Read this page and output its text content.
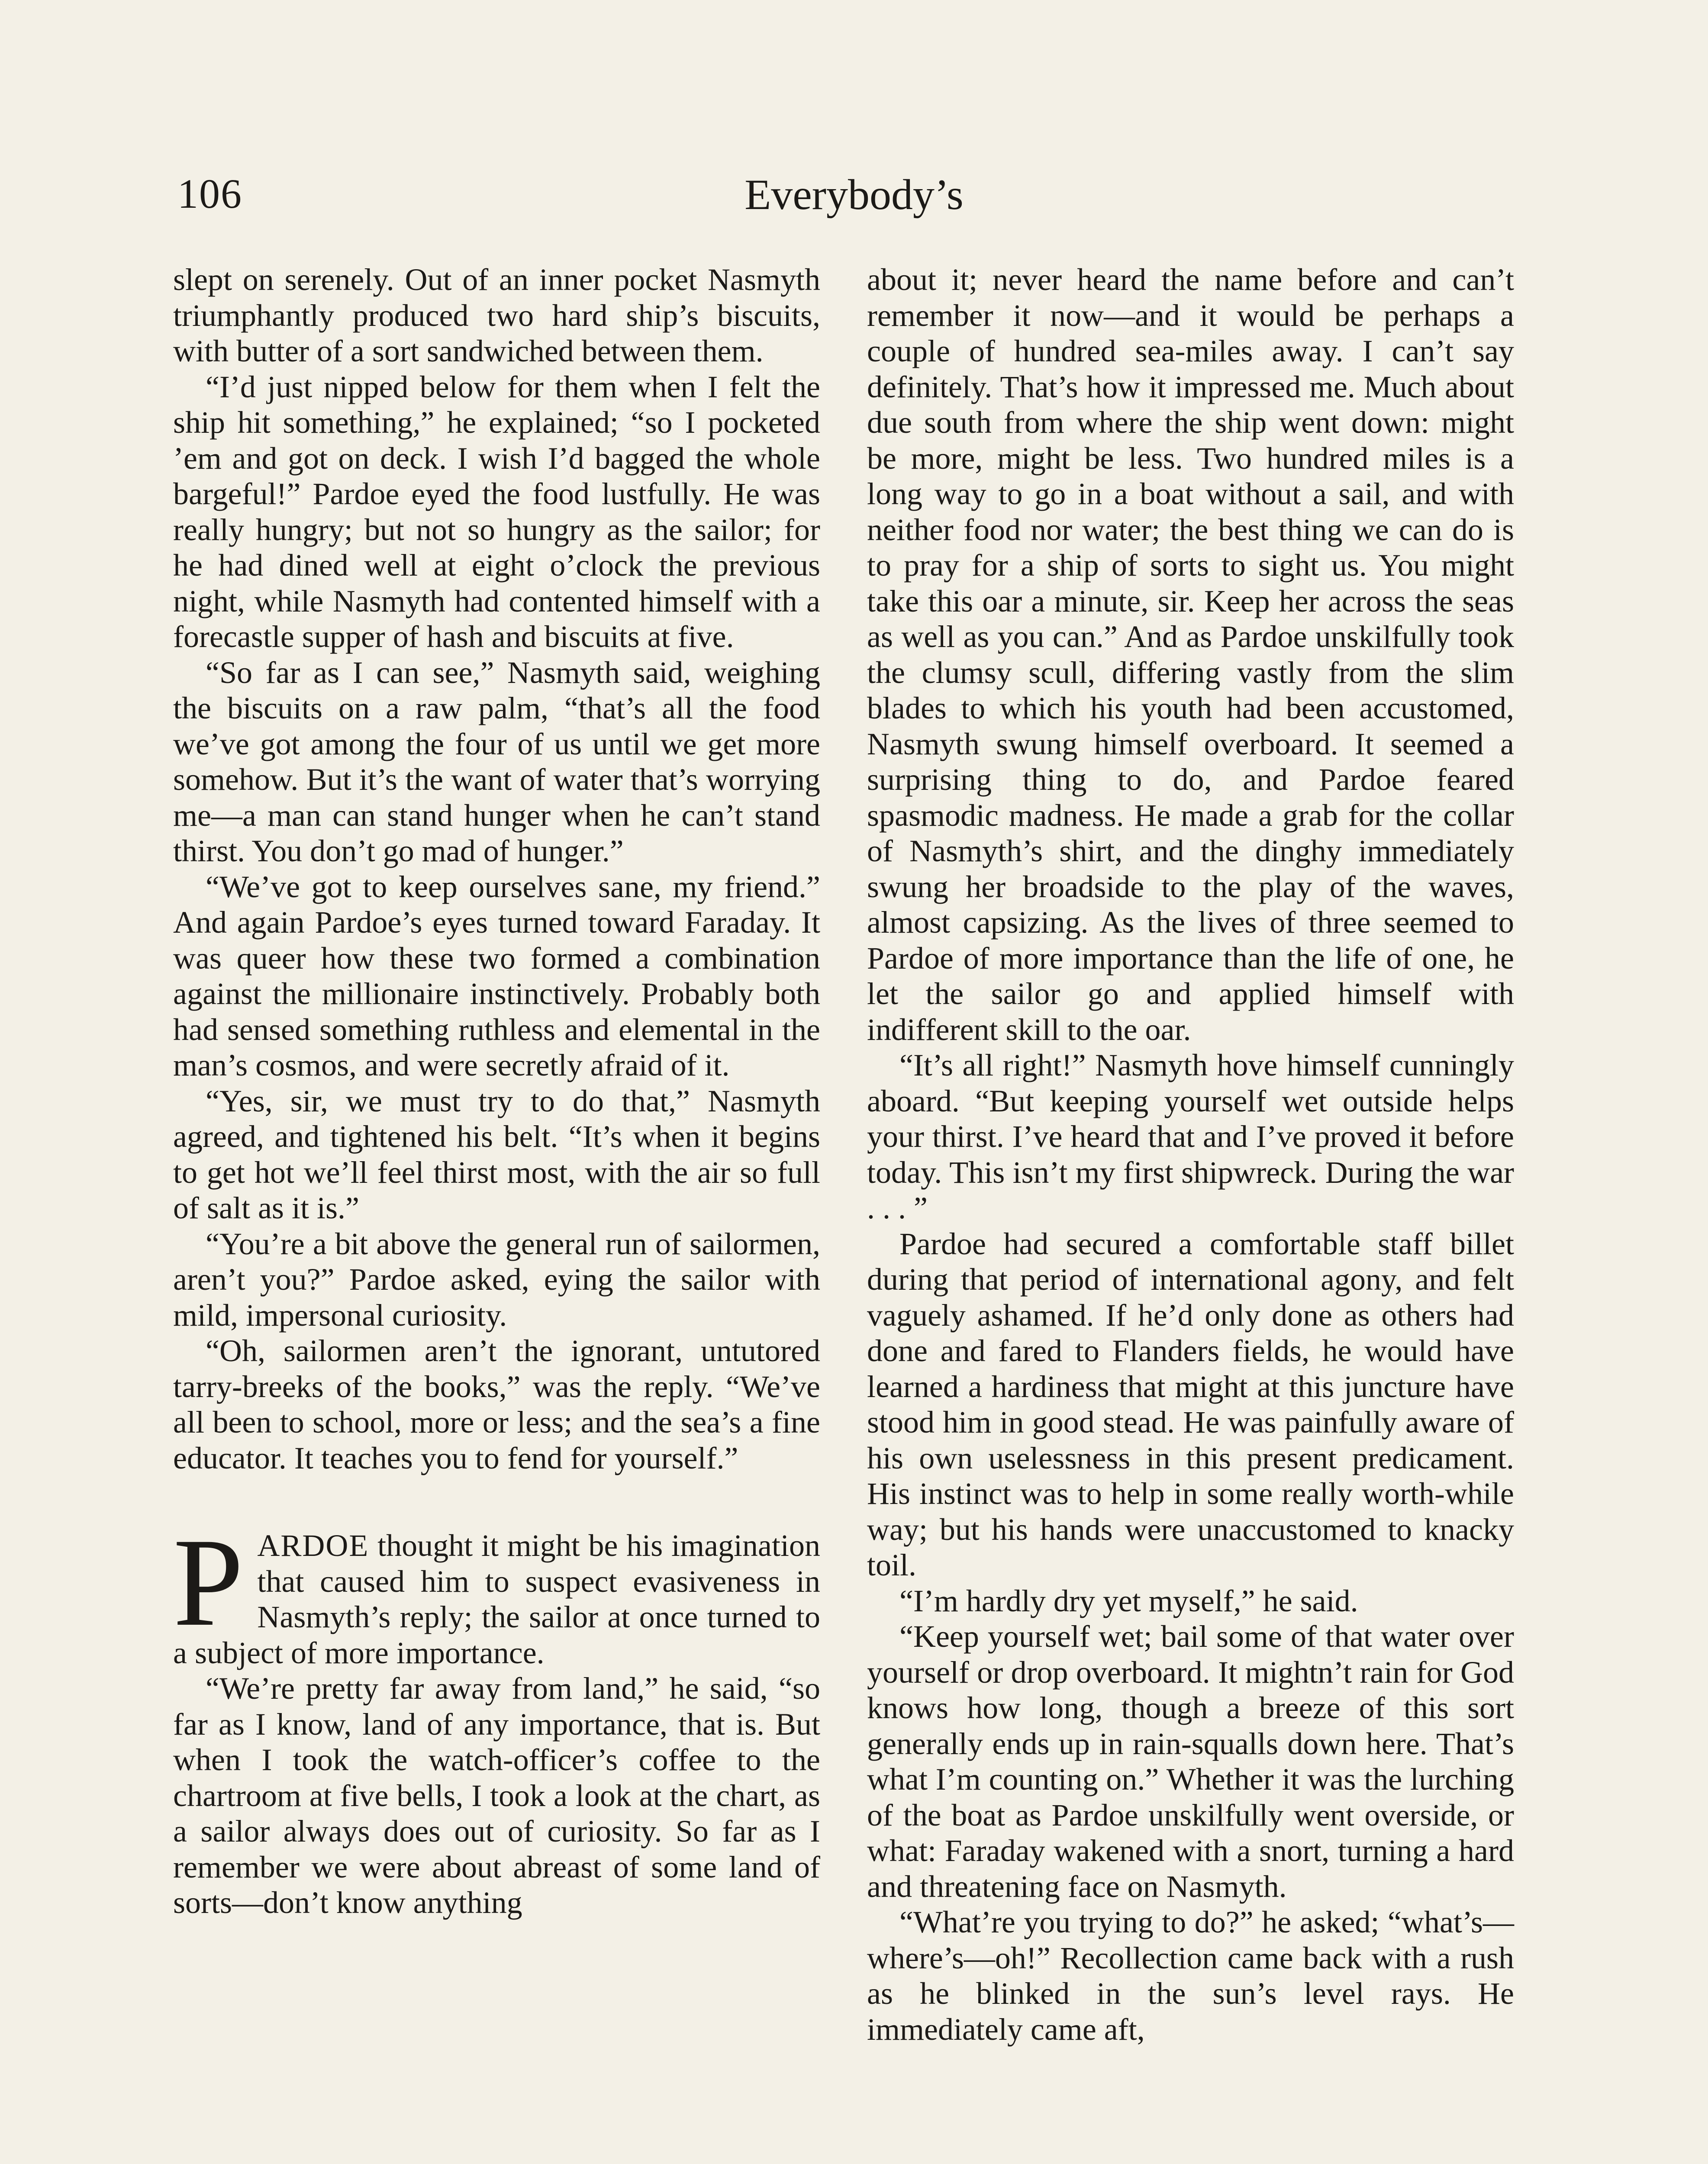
106	Everybody’s

slept on serenely. Out of an inner pocket Nasmyth triumphantly produced two hard ship’s biscuits, with butter of a sort sandwiched between them.

“I’d just nipped below for them when I felt the ship hit something,” he explained; “so I pocketed ’em and got on deck. I wish I’d bagged the whole bargeful!” Pardoe eyed the food lustfully. He was really hungry; but not so hungry as the sailor; for he had dined well at eight o’clock the previous night, while Nasmyth had contented himself with a forecastle supper of hash and biscuits at five.

“So far as I can see,” Nasmyth said, weighing the biscuits on a raw palm, “that’s all the food we’ve got among the four of us until we get more somehow. But it’s the want of water that’s worrying me—a man can stand hunger when he can’t stand thirst. You don’t go mad of hunger.”

“We’ve got to keep ourselves sane, my friend.” And again Pardoe’s eyes turned toward Faraday. It was queer how these two formed a combination against the millionaire instinctively. Probably both had sensed something ruthless and elemental in the man’s cosmos, and were secretly afraid of it.

“Yes, sir, we must try to do that,” Nasmyth agreed, and tightened his belt. “It’s when it begins to get hot we’ll feel thirst most, with the air so full of salt as it is.”

“You’re a bit above the general run of sailormen, aren’t you?” Pardoe asked, eying the sailor with mild, impersonal curiosity.

“Oh, sailormen aren’t the ignorant, untutored tarry-breeks of the books,” was the reply. “We’ve all been to school, more or less; and the sea’s a fine educator. It teaches you to fend for yourself.”

PARDOE thought it might be his imagination that caused him to suspect evasiveness in Nasmyth’s reply; the sailor at once turned to a subject of more importance.

“We’re pretty far away from land,” he said, “so far as I know, land of any importance, that is. But when I took the watch-officer’s coffee to the chartroom at five bells, I took a look at the chart, as a sailor always does out of curiosity. So far as I remember we were about abreast of some land of sorts—don’t know anything

about it; never heard the name before and can’t remember it now—and it would be perhaps a couple of hundred sea-miles away. I can’t say definitely. That’s how it impressed me. Much about due south from where the ship went down: might be more, might be less. Two hundred miles is a long way to go in a boat without a sail, and with neither food nor water; the best thing we can do is to pray for a ship of sorts to sight us. You might take this oar a minute, sir. Keep her across the seas as well as you can.” And as Pardoe unskilfully took the clumsy scull, differing vastly from the slim blades to which his youth had been accustomed, Nasmyth swung himself overboard. It seemed a surprising thing to do, and Pardoe feared spasmodic madness. He made a grab for the collar of Nasmyth’s shirt, and the dinghy immediately swung her broadside to the play of the waves, almost capsizing. As the lives of three seemed to Pardoe of more importance than the life of one, he let the sailor go and applied himself with indifferent skill to the oar.

“It’s all right!” Nasmyth hove himself cunningly aboard. “But keeping yourself wet outside helps your thirst. I’ve heard that and I’ve proved it before today. This isn’t my first shipwreck. During the war . . . ”

Pardoe had secured a comfortable staff billet during that period of international agony, and felt vaguely ashamed. If he’d only done as others had done and fared to Flanders fields, he would have learned a hardiness that might at this juncture have stood him in good stead. He was painfully aware of his own uselessness in this present predicament. His instinct was to help in some really worth-while way; but his hands were unaccustomed to knacky toil.

“I’m hardly dry yet myself,” he said.

“Keep yourself wet; bail some of that water over yourself or drop overboard. It mightn’t rain for God knows how long, though a breeze of this sort generally ends up in rain-squalls down here. That’s what I’m counting on.” Whether it was the lurching of the boat as Pardoe unskilfully went overside, or what: Faraday wakened with a snort, turning a hard and threatening face on Nasmyth.

“What’re you trying to do?” he asked; “what’s—where’s—oh!” Recollection came back with a rush as he blinked in the sun’s level rays. He immediately came aft,
